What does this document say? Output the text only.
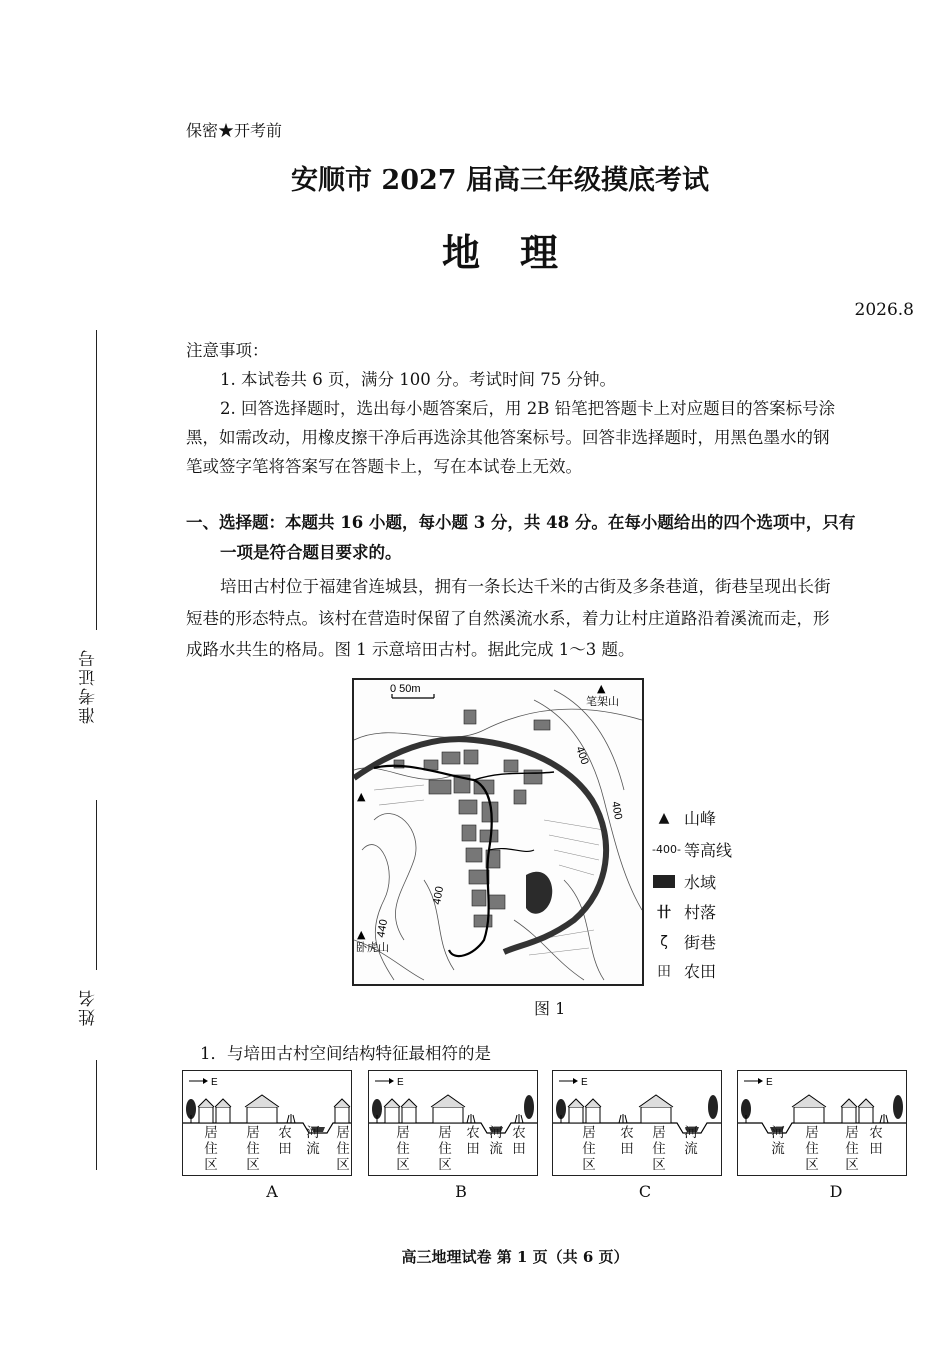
准考证号
姓名
保密★开考前
安顺市 2027 届高三年级摸底考试
地理
2026.8
注意事项：
1. 本试卷共 6 页，满分 100 分。考试时间 75 分钟。
2. 回答选择题时，选出每小题答案后，用 2B 铅笔把答题卡上对应题目的答案标号涂
黑，如需改动，用橡皮擦干净后再选涂其他答案标号。回答非选择题时，用黑色墨水的钢
笔或签字笔将答案写在答题卡上，写在本试卷上无效。
一、选择题：本题共 16 小题，每小题 3 分，共 48 分。在每小题给出的四个选项中，只有
一项是符合题目要求的。
培田古村位于福建省连城县，拥有一条长达千米的古街及多条巷道，街巷呈现出长街
短巷的形态特点。该村在营造时保留了自然溪流水系，着力让村庄道路沿着溪流而走，形
成路水共生的格局。图 1 示意培田古村。据此完成 1～3 题。
0 50m	▲
笔架山
▲
▲
卧虎山
400
400
400
440
▲ 山峰
-400- 等高线
水域
卄 村落
ζ	街巷
田 农田
图 1
1．与培田古村空间结构特征最相符的是
E
居住区
居住区
农田
河流
居住区
A
E
居住区
居住区
农田
河流
农田
B
E
居住区
农田
居住区
河流
C
E
河流
居住区
居住区
农田
D
高三地理试卷 第 1 页（共 6 页）
